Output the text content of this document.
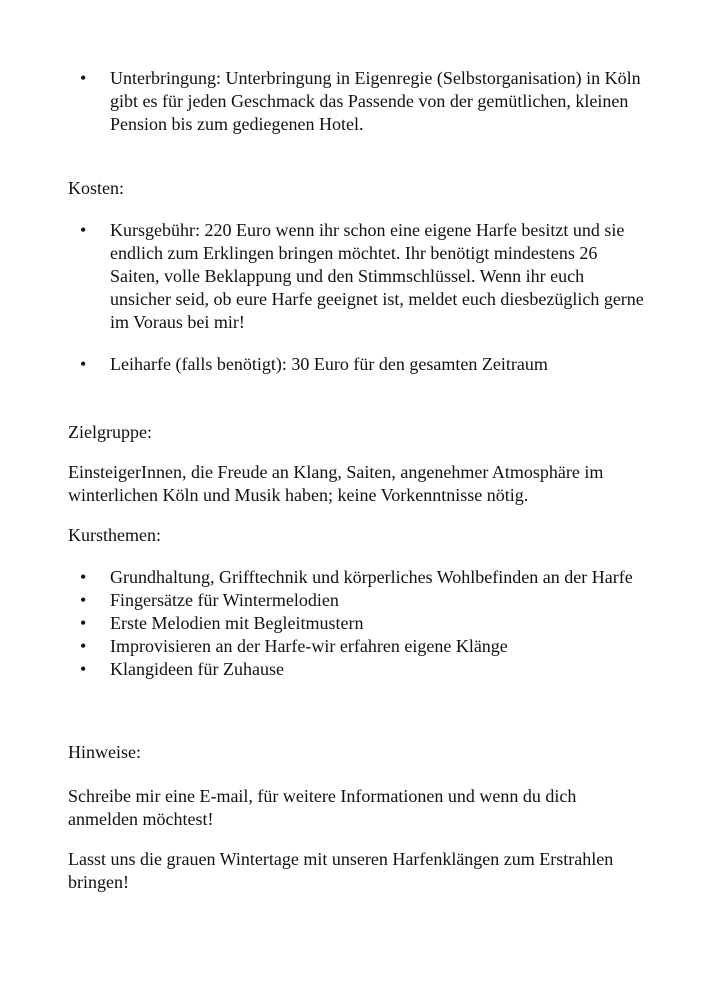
• Unterbringung: Unterbringung in Eigenregie (Selbstorganisation) in Köln gibt es für jeden Geschmack das Passende von der gemütlichen, kleinen Pension bis zum gediegenen Hotel.

Kosten:

• Kursgebühr: 220 Euro wenn ihr schon eine eigene Harfe besitzt und sie endlich zum Erklingen bringen möchtet. Ihr benötigt mindestens 26 Saiten, volle Beklappung und den Stimmschlüssel. Wenn ihr euch unsicher seid, ob eure Harfe geeignet ist, meldet euch diesbezüglich gerne im Voraus bei mir!
• Leiharfe (falls benötigt): 30 Euro für den gesamten Zeitraum

Zielgruppe:

EinsteigerInnen, die Freude an Klang, Saiten, angenehmer Atmosphäre im winterlichen Köln und Musik haben; keine Vorkenntnisse nötig.

Kursthemen:

• Grundhaltung, Grifftechnik und körperliches Wohlbefinden an der Harfe
• Fingersätze für Wintermelodien
• Erste Melodien mit Begleitmustern
• Improvisieren an der Harfe-wir erfahren eigene Klänge
• Klangideen für Zuhause

Hinweise:

Schreibe mir eine E-mail, für weitere Informationen und wenn du dich anmelden möchtest!

Lasst uns die grauen Wintertage mit unseren Harfenklängen zum Erstrahlen bringen!
